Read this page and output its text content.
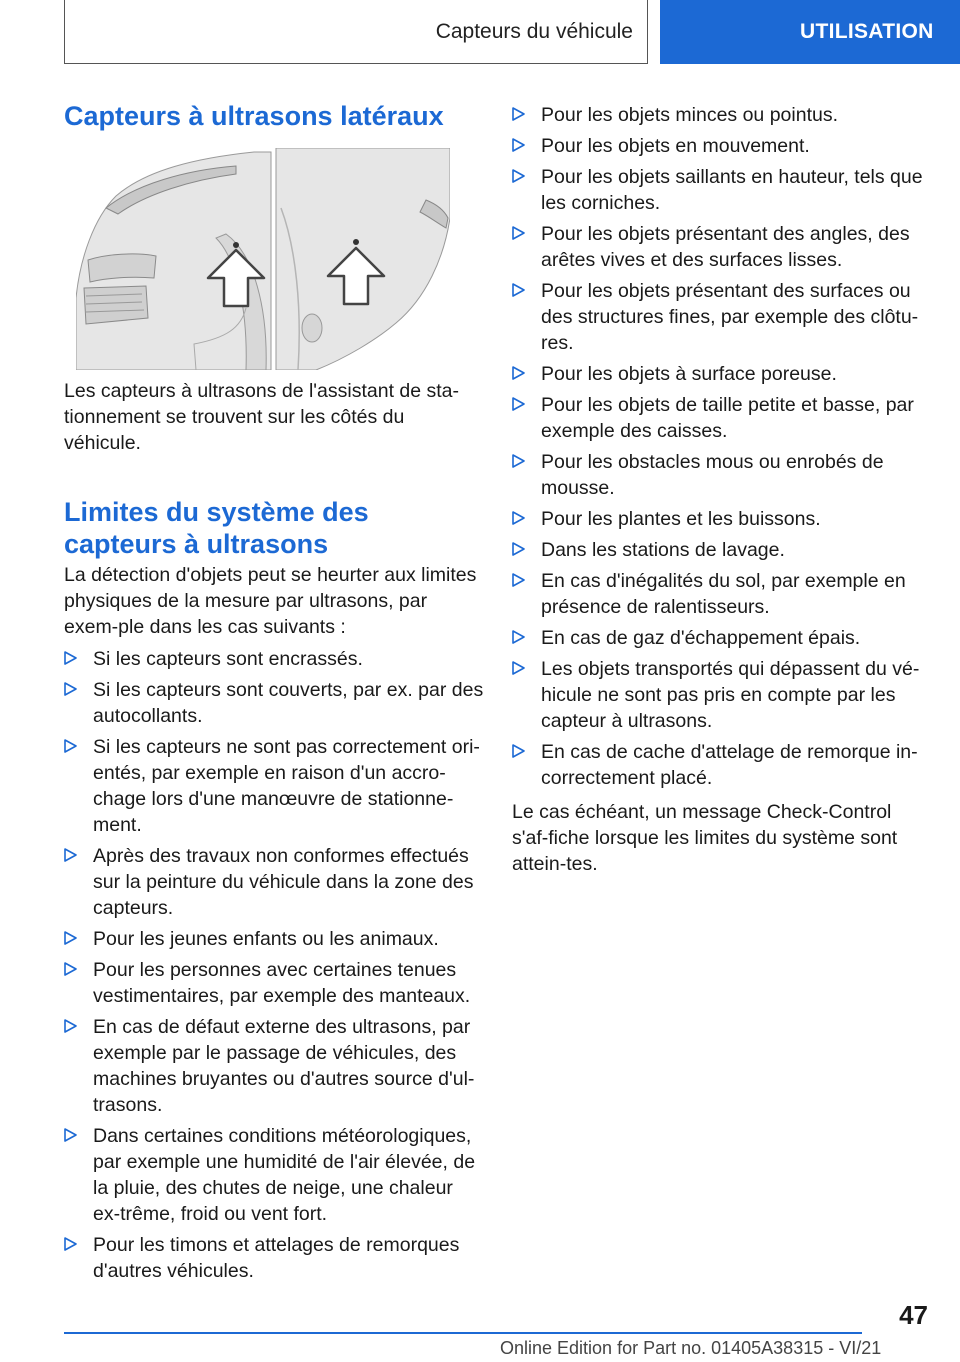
Capteurs du véhicule	UTILISATION
Capteurs à ultrasons latéraux

Les capteurs à ultrasons de l'assistant de sta-tionnement se trouvent sur les côtés du véhicule.

Limites du système des capteurs à ultrasons

La détection d'objets peut se heurter aux limites physiques de la mesure par ultrasons, par exem-ple dans les cas suivants :

Si les capteurs sont encrassés.
Si les capteurs sont couverts, par ex. par des autocollants.
Si les capteurs ne sont pas correctement ori-entés, par exemple en raison d'un accro-chage lors d'une manœuvre de stationne-ment.
Après des travaux non conformes effectués sur la peinture du véhicule dans la zone des capteurs.
Pour les jeunes enfants ou les animaux.
Pour les personnes avec certaines tenues vestimentaires, par exemple des manteaux.
En cas de défaut externe des ultrasons, par exemple par le passage de véhicules, des machines bruyantes ou d'autres source d'ul-trasons.
Dans certaines conditions météorologiques, par exemple une humidité de l'air élevée, de la pluie, des chutes de neige, une chaleur ex-trême, froid ou vent fort.
Pour les timons et attelages de remorques d'autres véhicules.
Pour les objets minces ou pointus.
Pour les objets en mouvement.
Pour les objets saillants en hauteur, tels que les corniches.
Pour les objets présentant des angles, des arêtes vives et des surfaces lisses.
Pour les objets présentant des surfaces ou des structures fines, par exemple des clôtu-res.
Pour les objets à surface poreuse.
Pour les objets de taille petite et basse, par exemple des caisses.
Pour les obstacles mous ou enrobés de mousse.
Pour les plantes et les buissons.
Dans les stations de lavage.
En cas d'inégalités du sol, par exemple en présence de ralentisseurs.
En cas de gaz d'échappement épais.
Les objets transportés qui dépassent du vé-hicule ne sont pas pris en compte par les capteur à ultrasons.
En cas de cache d'attelage de remorque in-correctement placé.

Le cas échéant, un message Check-Control s'af-fiche lorsque les limites du système sont attein-tes.

47
Online Edition for Part no. 01405A38315 - VI/21
